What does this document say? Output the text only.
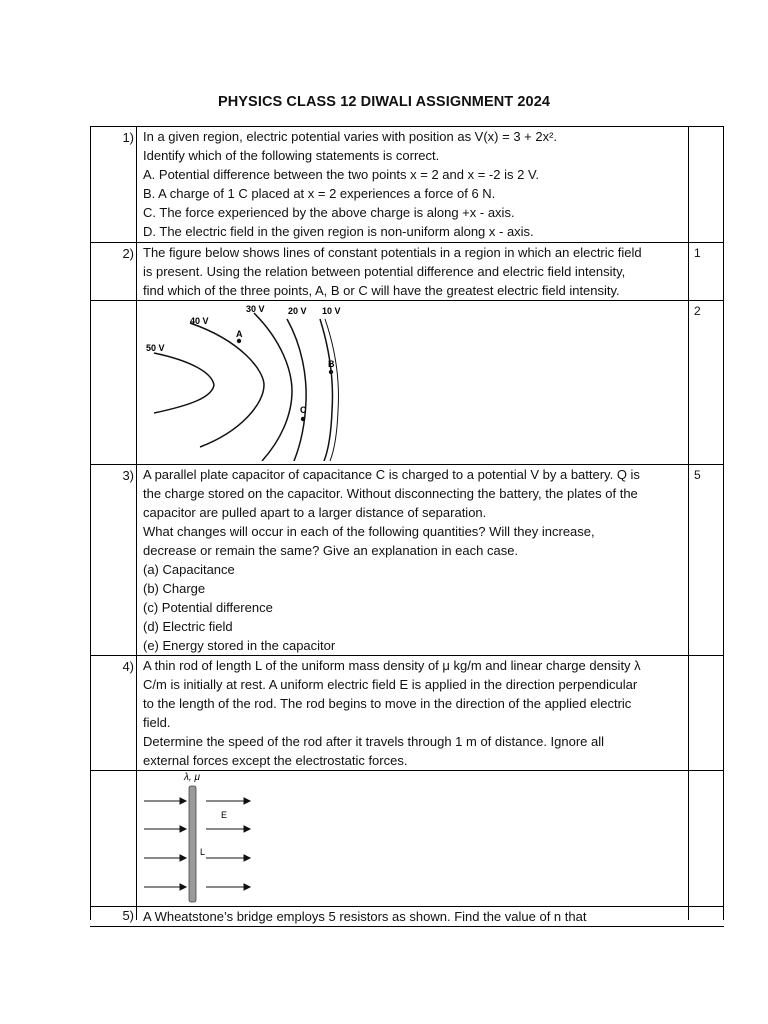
PHYSICS CLASS 12 DIWALI ASSIGNMENT 2024
1) In a given region, electric potential varies with position as V(x) = 3 + 2x².
Identify which of the following statements is correct.
A. Potential difference between the two points x = 2 and x = -2 is 2 V.
B. A charge of 1 C placed at x = 2 experiences a force of 6 N.
C. The force experienced by the above charge is along +x - axis.
D. The electric field in the given region is non-uniform along x - axis.
2) The figure below shows lines of constant potentials in a region in which an electric field
is present. Using the relation between potential difference and electric field intensity,
find which of the three points, A, B or C will have the greatest electric field intensity.
1
2
40 V
30 V	20 V 10 V
50 V
A
B
C
3) A parallel plate capacitor of capacitance C is charged to a potential V by a battery. Q is
the charge stored on the capacitor. Without disconnecting the battery, the plates of the
capacitor are pulled apart to a larger distance of separation.
What changes will occur in each of the following quantities? Will they increase,
decrease or remain the same? Give an explanation in each case.
(a) Capacitance
(b) Charge
(c) Potential difference
(d) Electric field
(e) Energy stored in the capacitor
5
4) A thin rod of length L of the uniform mass density of μ kg/m and linear charge density λ
C/m is initially at rest. A uniform electric field E is applied in the direction perpendicular
to the length of the rod. The rod begins to move in the direction of the applied electric
field.
Determine the speed of the rod after it travels through 1 m of distance. Ignore all
external forces except the electrostatic forces.
λ, μ
E
L
5) A Wheatstone’s bridge employs 5 resistors as shown. Find the value of n that
